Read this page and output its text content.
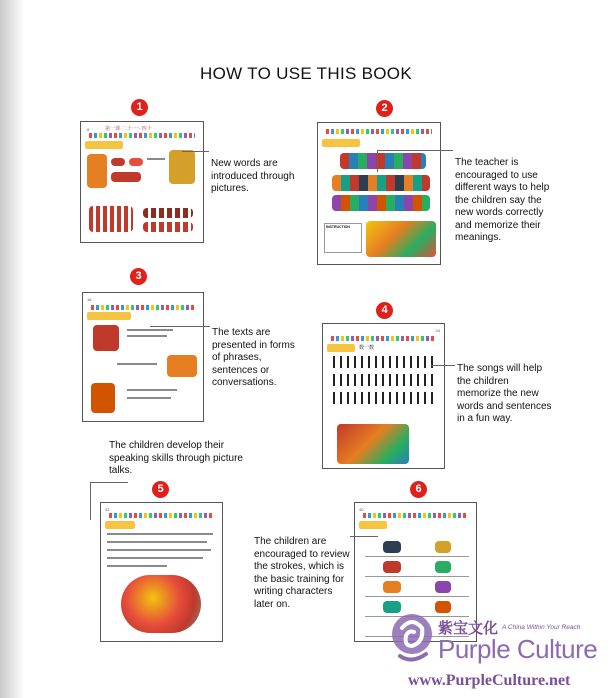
HOW TO USE THIS BOOK
1
8	第一课 二十一～四十
New words are introduced through pictures.
2
INSTRUCTION
The teacher is encouraged to use different ways to help the children say the new words correctly and memorize their meanings.
3
16
The texts are presented in forms of phrases, sentences or conversations.
4
24
数一数
The songs will help the children memorize the new words and sentences in a fun way.
The children develop their speaking skills through picture talks.
5
32
6
40
The children are encouraged to review the strokes, which is the basic training for writing characters later on.
紫宝文化 A China Within Your Reach
Purple Culture
www.PurpleCulture.net
